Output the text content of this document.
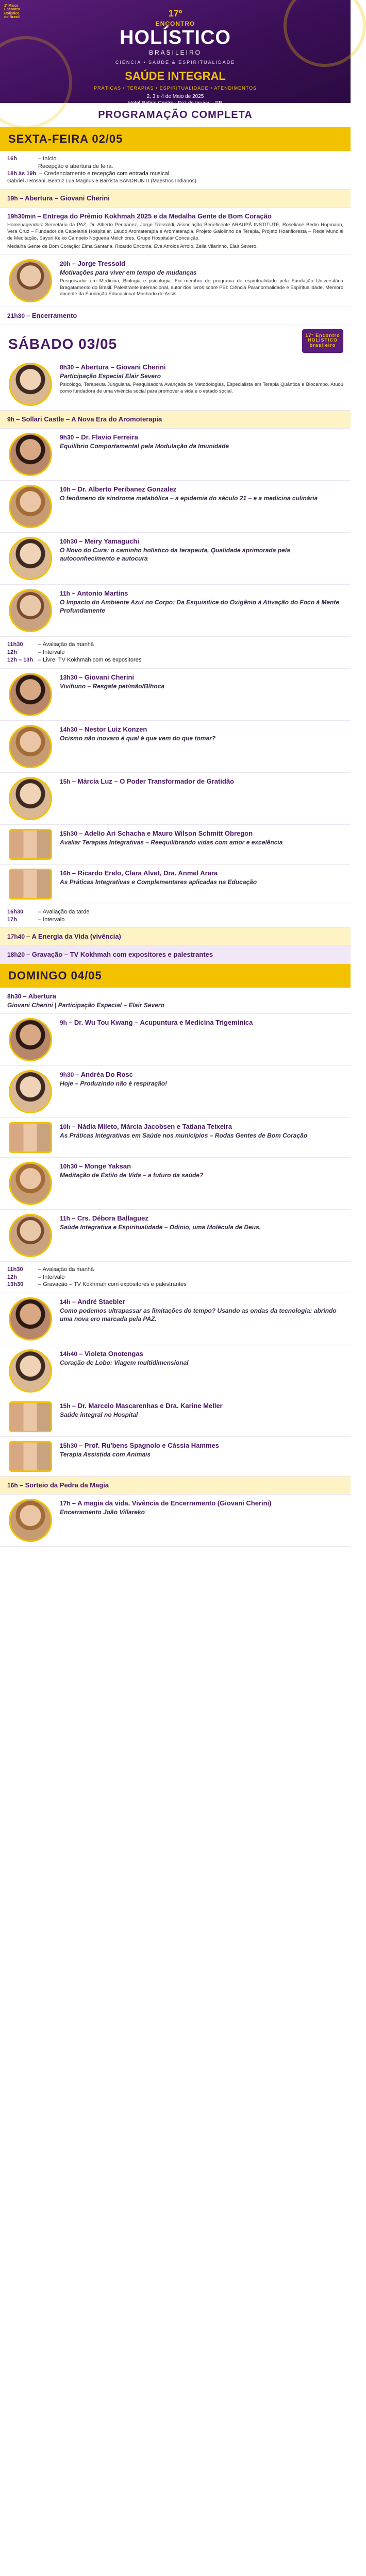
1º Maior Encontro Holístico do Brasil	17º
ENCONTRO
HOLÍSTICO
BRASILEIRO
CIÊNCIA • SAÚDE & ESPIRITUALIDADE
SAÚDE INTEGRAL
PRÁTICAS • TERAPIAS • ESPIRITUALIDADE • ATENDIMENTOS
2, 3 e 4 de Maio de 2025
Hotel Rafain Centro - Foz do Iguaçu - PR
PROGRAMAÇÃO COMPLETA
SEXTA-FEIRA 02/05
16h	– Início.
Recepção e abertura de feira.
18h às 19h – Credenciamento e recepção com entrada musical.
Gabriel J Rosani, Beatriz Lua Magnus e Baixista SANDRUNTI (Maestros Indianos)
19h – Abertura – Giovani Cherini
19h30min – Entrega do Prêmio Kokhmah 2025 e da Medalha Gente de Bom Coração
Homenageados: Secretário da PAZ, Dr. Alberto Peribanez, Jorge Tressoldi, Associação Beneficente ARAUPÁ INSTITUTE, Roseliane Bedin Hopmann, Vera Cruz – Fundador da Capelania Hospitalar, Laudo Aromaterapia e Aromaterapia, Projeto Gaiolinho da Terapia, Projeto Hoanfloresta – Rede Mundial de Meditação, Sayuri Keiko Campelo Nogueira Melchiores, Grupo Hospitalar Conceição.
Medalha Gente de Bom Coração: Elma Santana, Ricardo Encoma, Eva Arroios Arroio, Zelia Vilarinho, Elair Severo.
20h – Jorge Tressold
Motivações para viver em tempo de mudanças
Pesquisador em Medicina, Biologia e psicologia. Foi membro do programa de espiritualidade pela Fundação Universitária Bragatamento do Brasil. Palestrante internacional, autor dos livros sobre PSI: Ciência Paranormalidade e Espiritualidade. Membro docente da Fundação Educacional Machado de Assis.
21h30 – Encerramento
SÁBADO 03/05
17º Encontro HOLÍSTICO brasileiro
8h30 – Abertura – Giovani Cherini
Participação Especial Elair Severo
Psicólogo, Terapeuta Junguiana, Pesquisadora Avançada de Metodologias, Especialista em Terapia Quântica e Biocampo. Atuou como fundadora de uma vivência social para promover a vida e o estado social.
9h – Sollari Castle – A Nova Era do Aromoterapia
9h30 – Dr. Flavio Ferreira
Equilíbrio Comportamental pela Modulação da Imunidade
10h – Dr. Alberto Peribanez Gonzalez
O fenômeno da síndrome metabólica – a epidemia do século 21 – e a medicina culinária
10h30 – Meiry Yamaguchi
O Novo do Cura: o caminho holístico da terapeuta, Qualidade aprimorada pela autoconhecimento e autocura
11h – Antonio Martins
O Impacto do Ambiente Azul no Corpo: Da Esquisitice do Oxigênio à Ativação do Foco à Mente Profundamente
11h30	– Avaliação da manhã
12h	– Intervalo
12h – 13h – Livre: TV Kokhmah com os expositores
13h30 – Giovani Cherini
Vivifiuno – Resgate pet/mão/Blhoca
14h30 – Nestor Luiz Konzen
Ocismo não inovaro é qual é que vem do que tomar?
15h – Márcia Luz – O Poder Transformador de Gratidão
15h30 – Adelio Ari Schacha e Mauro Wilson Schmitt Obregon
Avaliar Terapias Integrativas – Reequilibrando vidas com amor e excelência
16h – Ricardo Erelo, Clara Alvet, Dra. Anmel Arara
As Práticas Integrativas e Complementares aplicadas na Educação
16h30	– Avaliação da tarde
17h	– Intervalo
17h40 – A Energia da Vida (vivência)
18h20 – Gravação – TV Kokhmah com expositores e palestrantes
DOMINGO 04/05
8h30 – Abertura
Giovani Cherini | Participação Especial – Elair Severo
9h – Dr. Wu Tou Kwang – Acupuntura e Medicina Trigeminica
9h30 – Andréa Do Rosc
Hoje – Produzindo não é respiração!
10h – Nádia Mileto, Márcia Jacobsen e Tatiana Teixeira
As Práticas Integrativas em Saúde nos municípios – Rodas Gentes de Bom Coração
10h30 – Monge Yaksan
Meditação de Estilo de Vida – a futuro da saúde?
11h – Crs. Débora Ballaguez
Saúde Integrativa e Espiritualidade – Odinio, uma Molécula de Deus.
11h30	– Avaliação da manhã
12h	– Intervalo
13h30	– Gravação – TV Kokhmah com expositores e palestrantes
14h – André Staebler
Como podemos ultrapassar as limitações do tempo? Usando as ondas da tecnologia: abrindo uma nova ero marcada pela PAZ.
14h40 – Violeta Onotengas
Coração de Lobo: Viagem multidimensional
15h – Dr. Marcelo Mascarenhas e Dra. Karine Meller
Saúde integral no Hospital
15h30 – Prof. Ru'bens Spagnolo e Cássia Hammes
Terapia Assistida com Animais
16h – Sorteio da Pedra da Magia
17h – A magia da vida. Vivência de Encerramento (Giovani Cherini)
Encerramento João Villareko
